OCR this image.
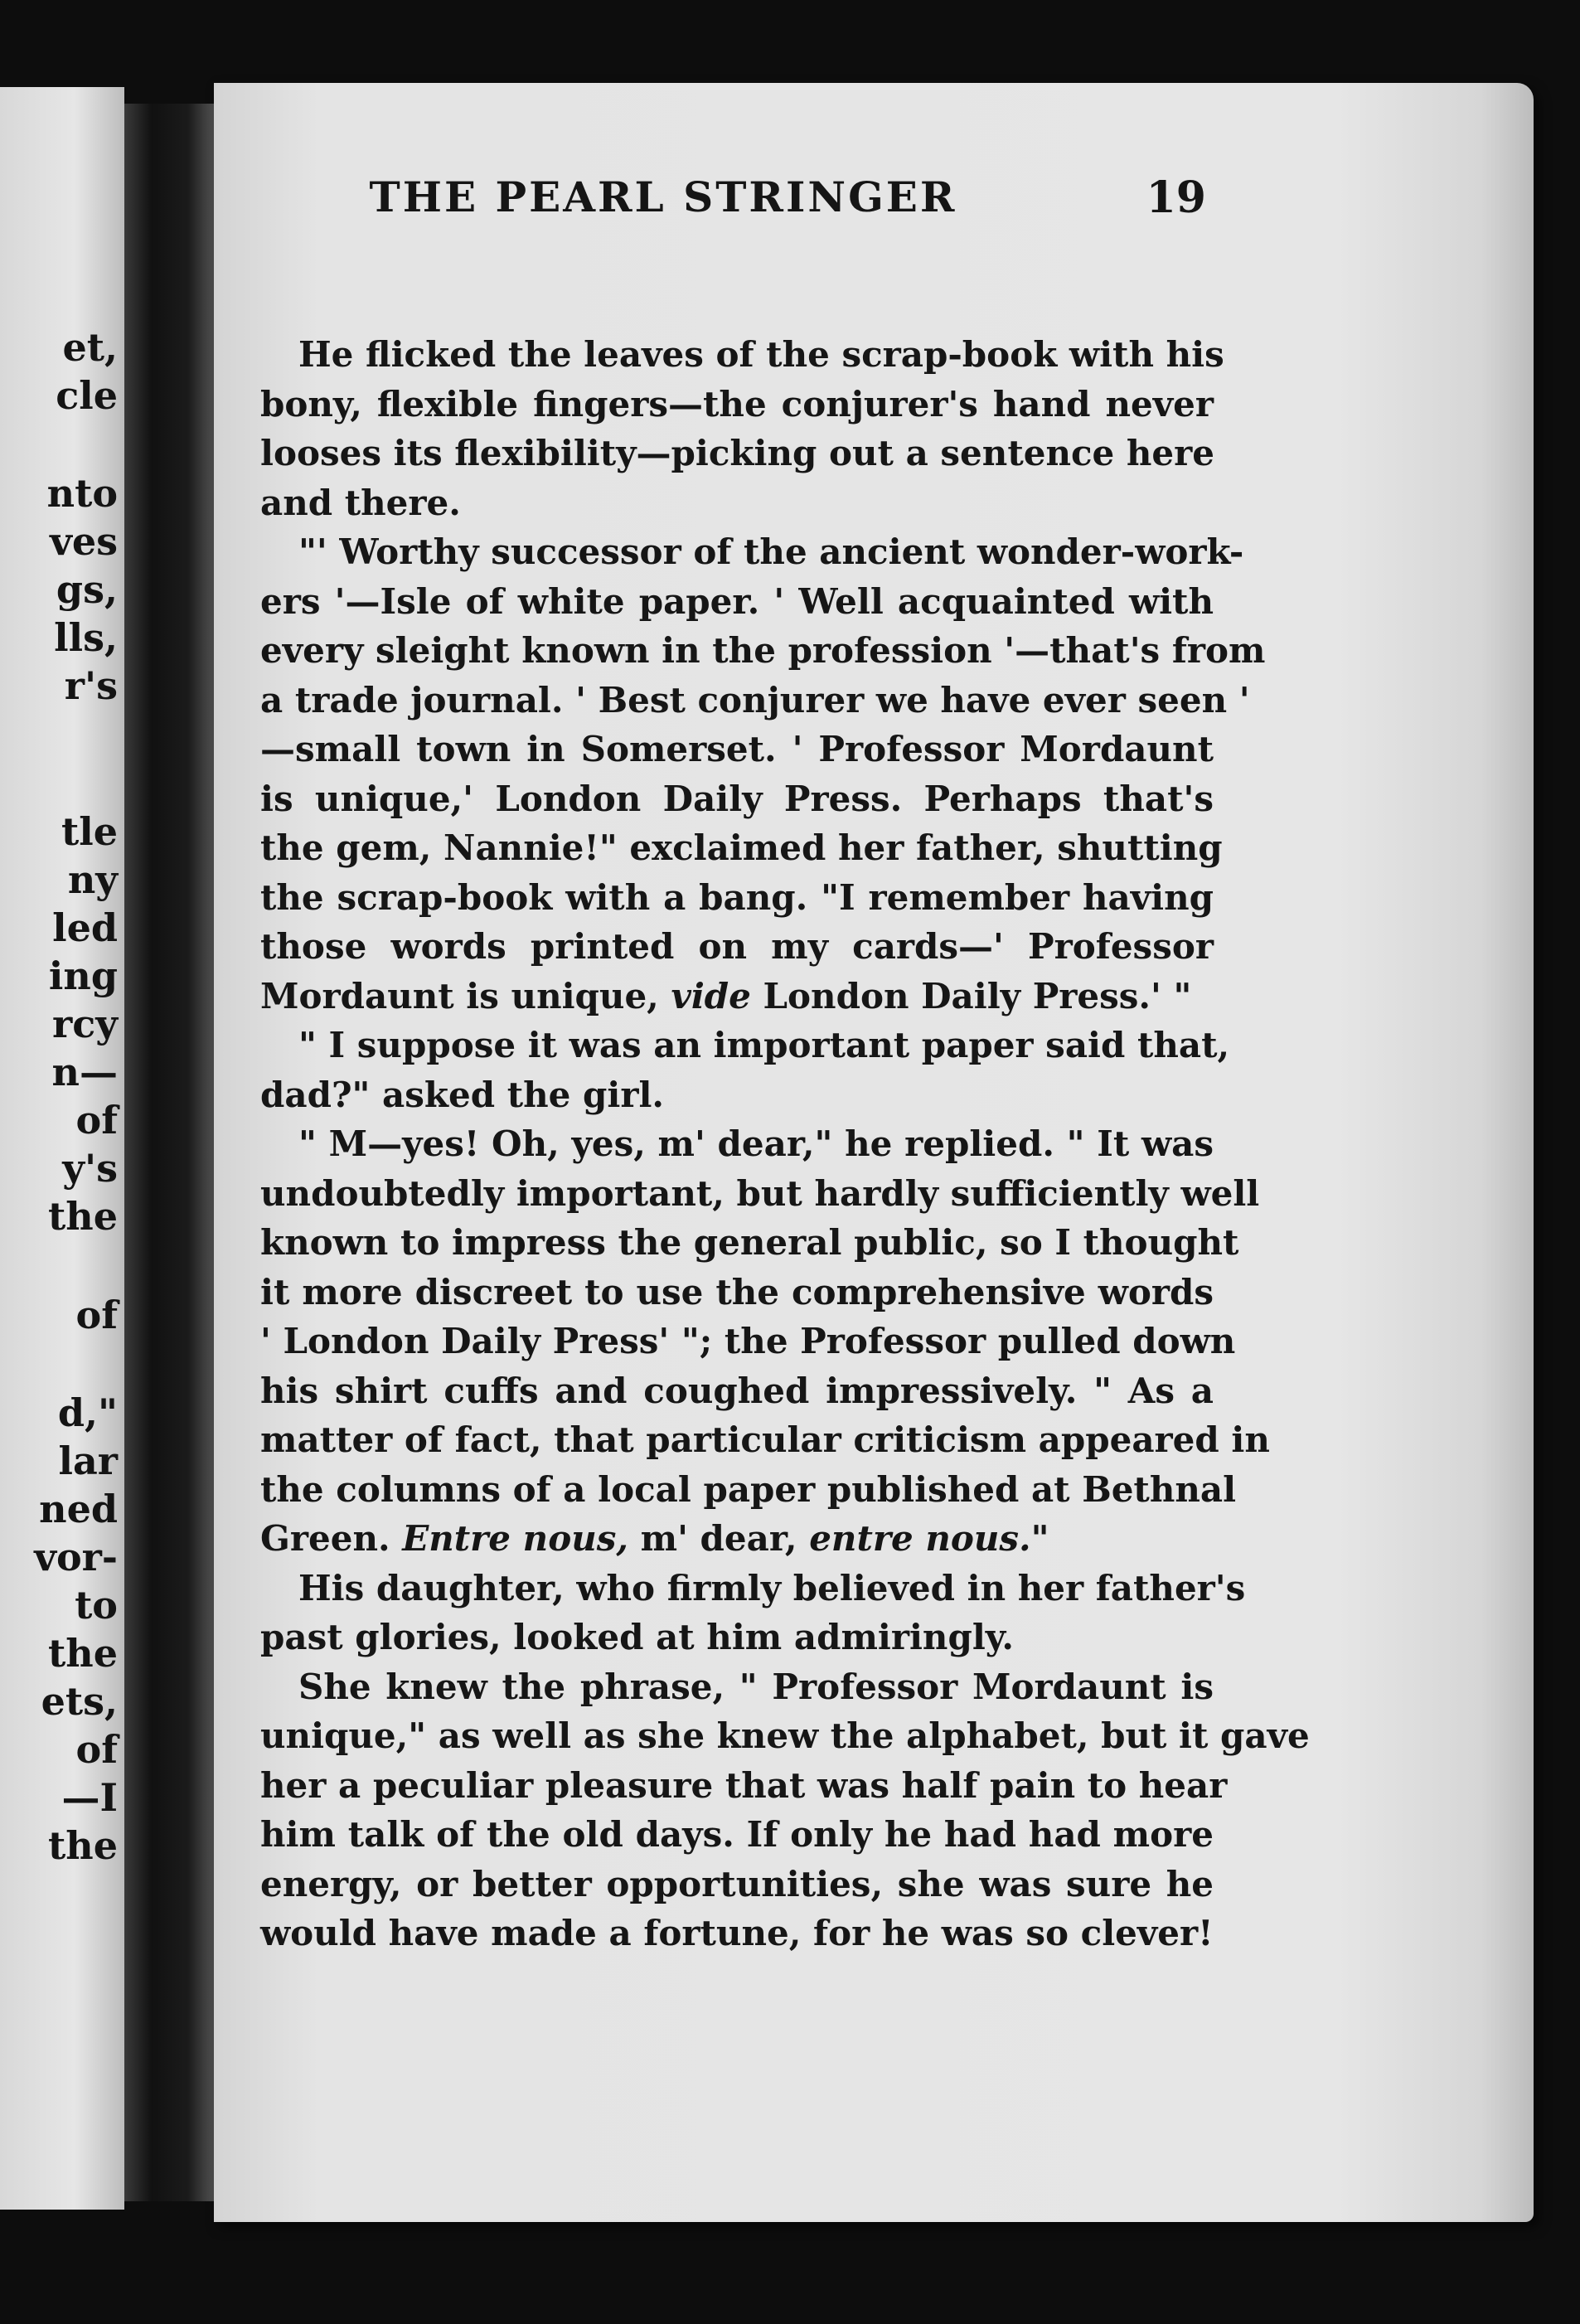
et,
cle
nto
ves
gs,
lls,
r's
tle
ny
led
ing
rcy
n—
of
y's
the
of
d,"
lar
ned
vor-
to
the
ets,
of
—I
the
THE PEARL STRINGER	19
He flicked the leaves of the scrap-book with his
bony, flexible fingers—the conjurer's hand never
looses its flexibility—picking out a sentence here
and there.
"' Worthy successor of the ancient wonder-work-
ers '—Isle of white paper. ' Well acquainted with
every sleight known in the profession '—that's from
a trade journal. ' Best conjurer we have ever seen '
—small town in Somerset. ' Professor Mordaunt
is unique,' London Daily Press. Perhaps that's
the gem, Nannie!" exclaimed her father, shutting
the scrap-book with a bang. "I remember having
those words printed on my cards—' Professor
Mordaunt is unique, vide London Daily Press.' "
" I suppose it was an important paper said that,
dad?" asked the girl.
" M—yes! Oh, yes, m' dear," he replied. " It was
undoubtedly important, but hardly sufficiently well
known to impress the general public, so I thought
it more discreet to use the comprehensive words
' London Daily Press' "; the Professor pulled down
his shirt cuffs and coughed impressively. " As a
matter of fact, that particular criticism appeared in
the columns of a local paper published at Bethnal
Green. Entre nous, m' dear, entre nous."
His daughter, who firmly believed in her father's
past glories, looked at him admiringly.
She knew the phrase, " Professor Mordaunt is
unique," as well as she knew the alphabet, but it gave
her a peculiar pleasure that was half pain to hear
him talk of the old days. If only he had had more
energy, or better opportunities, she was sure he
would have made a fortune, for he was so clever!
